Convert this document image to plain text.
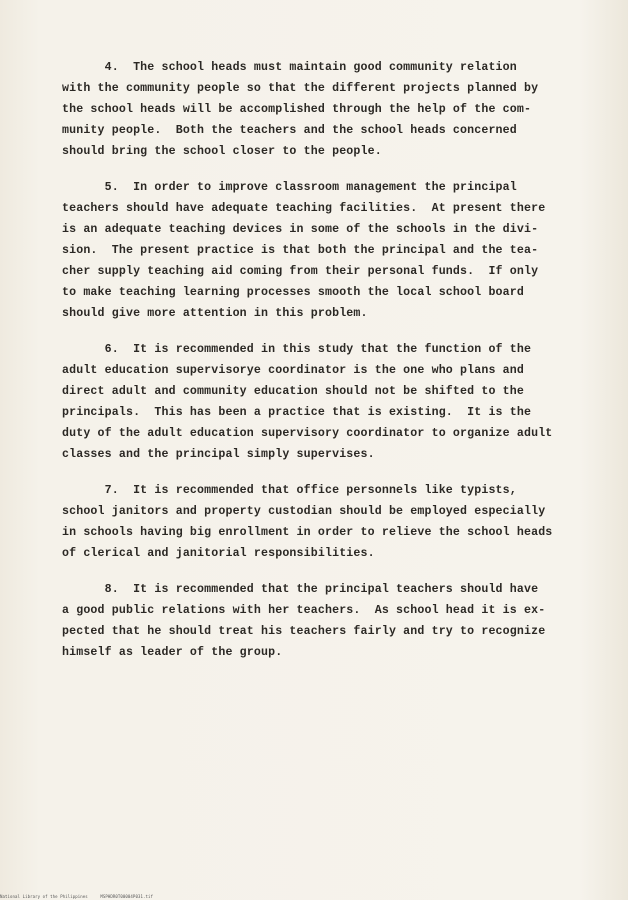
4.  The school heads must maintain good community relation
with the community people so that the different projects planned by
the school heads will be accomplished through the help of the com-
munity people.  Both the teachers and the school heads concerned
should bring the school closer to the people.
5.  In order to improve classroom management the principal
teachers should have adequate teaching facilities.  At present there
is an adequate teaching devices in some of the schools in the divi-
sion.  The present practice is that both the principal and the tea-
cher supply teaching aid coming from their personal funds.  If only
to make teaching learning processes smooth the local school board
should give more attention in this problem.
6.  It is recommended in this study that the function of the
adult education supervisorye coordinator is the one who plans and
direct adult and community education should not be shifted to the
principals.  This has been a practice that is existing.  It is the
duty of the adult education supervisory coordinator to organize adult
classes and the principal simply supervises.
7.  It is recommended that office personnels like typists,
school janitors and property custodian should be employed especially
in schools having big enrollment in order to relieve the school heads
of clerical and janitorial responsibilities.
8.  It is recommended that the principal teachers should have
a good public relations with her teachers.  As school head it is ex-
pected that he should treat his teachers fairly and try to recognize
himself as leader of the group.
National Library of the Philippines     MSPHDR0T00004P031.tif
